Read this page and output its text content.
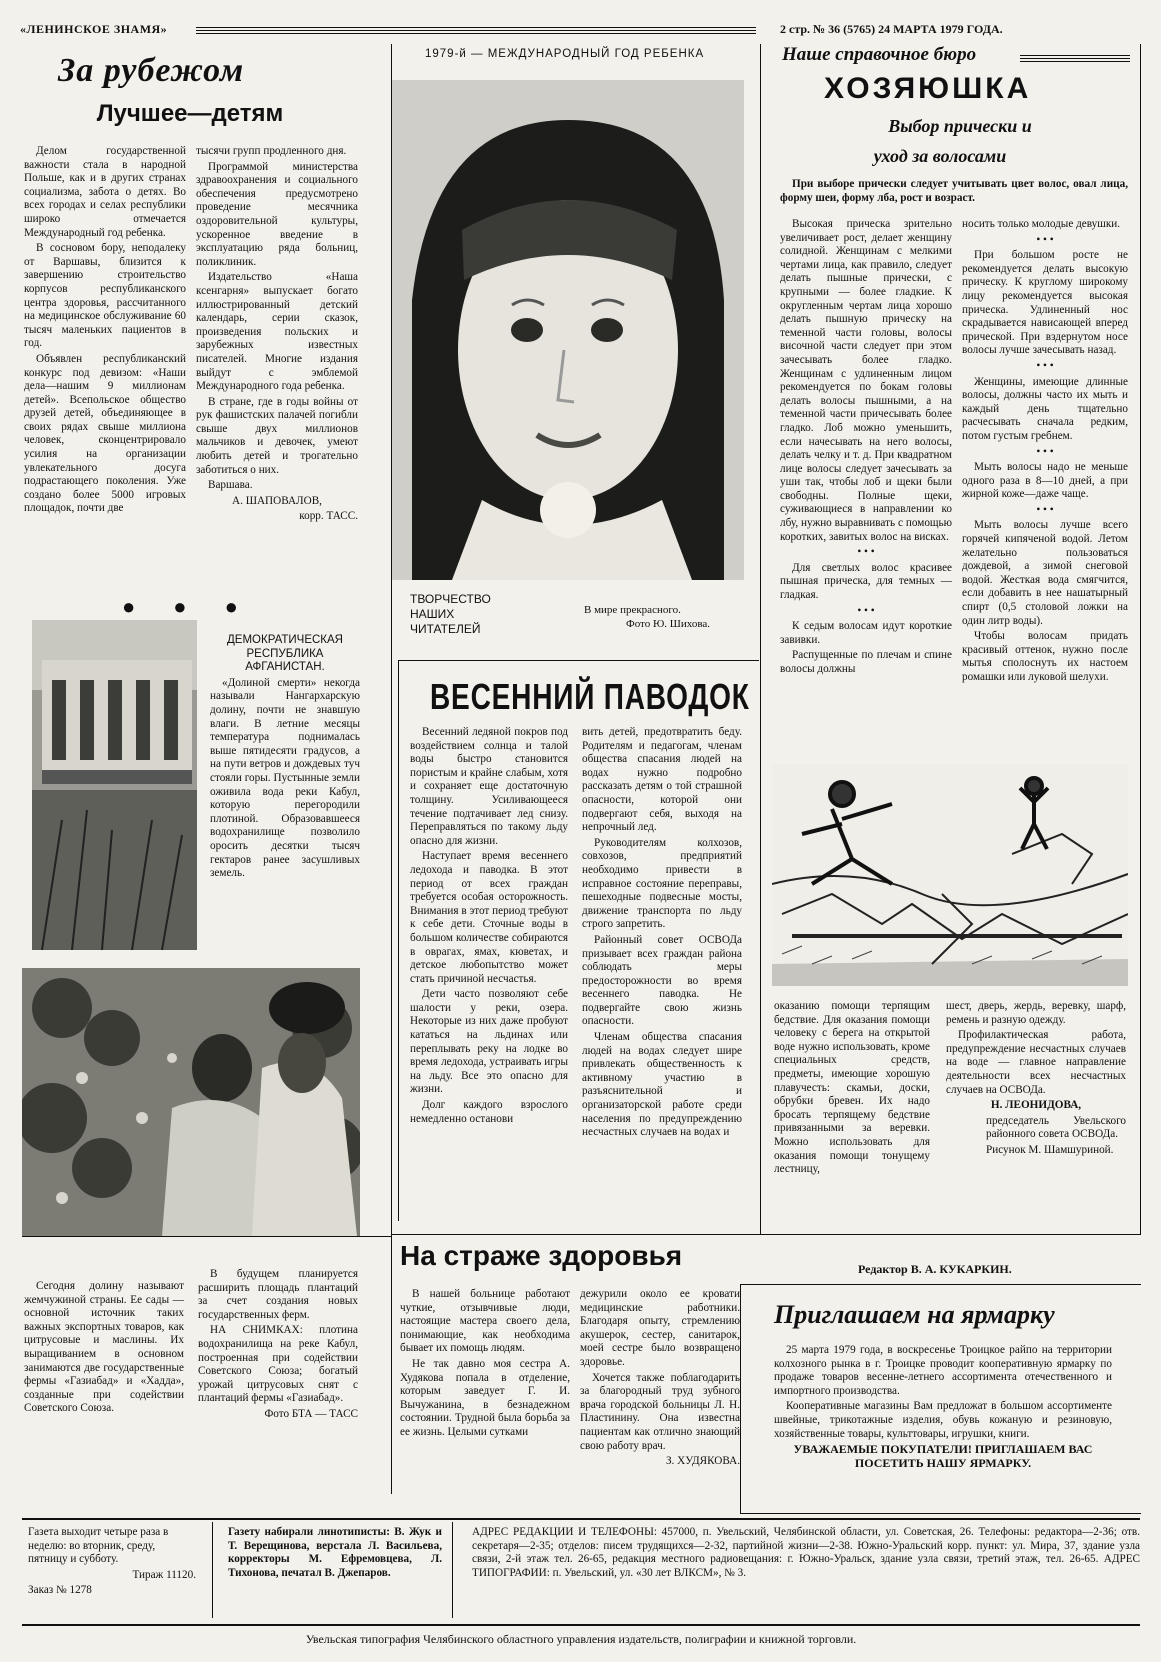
«ЛЕНИНСКОЕ ЗНАМЯ»	2 стр. № 36 (5765) 24 МАРТА 1979 ГОДА.
За рубежом
Лучшее—детям

Делом государственной важности стала в народной Польше, как и в других странах социализма, забота о детях. Во всех городах и селах республики широко отмечается Международный год ребенка.

В сосновом бору, неподалеку от Варшавы, близится к завершению строительство корпусов республиканского центра здоровья, рассчитанного на медицинское обслуживание 60 тысяч маленьких пациентов в год.

Объявлен республиканский конкурс под девизом: «Наши дела—нашим 9 миллионам детей». Всепольское общество друзей детей, объединяющее в своих рядах свыше миллиона человек, сконцентрировало усилия на организации увлекательного досуга подрастающего поколения. Уже создано более 5000 игровых площадок, почти две

тысячи групп продленного дня.

Программой министерства здравоохранения и социального обеспечения предусмотрено проведение месячника оздоровительной культуры, ускоренное введение в эксплуатацию ряда больниц, поликлиник.

Издательство «Наша ксенгарня» выпускает богато иллюстрированный детский календарь, серии сказок, произведения польских и зарубежных известных писателей. Многие издания выйдут с эмблемой Международного года ребенка.

В стране, где в годы войны от рук фашистских палачей погибли свыше двух миллионов мальчиков и девочек, умеют любить детей и трогательно заботиться о них.

Варшава.

А. ШАПОВАЛОВ,

корр. ТАСС.

●●●

ДЕМОКРАТИЧЕСКАЯ РЕСПУБЛИКА АФГАНИСТАН.

«Долиной смерти» некогда называли Нангархарскую долину, почти не знавшую влаги. В летние месяцы температура поднималась выше пятидесяти градусов, а на пути ветров и дождевых туч стояли горы. Пустынные земли оживила вода реки Кабул, которую перегородили плотиной. Образовавшееся водохранилище позволило оросить десятки тысяч гектаров ранее засушливых земель.

Сегодня долину называют жемчужиной страны. Ее сады — основной источник таких важных экспортных товаров, как цитрусовые и маслины. Их выращиванием в основном занимаются две государственные фермы «Газиабад» и «Хадда», созданные при содействии Советского Союза.

В будущем планируется расширить площадь плантаций за счет создания новых государственных ферм.

НА СНИМКАХ: плотина водохранилища на реке Кабул, построенная при содействии Советского Союза; богатый урожай цитрусовых снят с плантаций фермы «Газиабад».

Фото БТА — ТАСС

1979-й — МЕЖДУНАРОДНЫЙ ГОД РЕБЕНКА
ТВОРЧЕСТВО НАШИХ ЧИТАТЕЛЕЙ
В мире прекрасного.
Фото Ю. Шихова.
ВЕСЕННИЙ ПАВОДОК

Весенний ледяной покров под воздействием солнца и талой воды быстро становится пористым и крайне слабым, хотя и сохраняет еще достаточную толщину. Усиливающееся течение подтачивает лед снизу. Переправляться по такому льду опасно для жизни.

Наступает время весеннего ледохода и паводка. В этот период от всех граждан требуется особая осторожность. Внимания в этот период требуют к себе дети. Сточные воды в большом количестве собираются в оврагах, ямах, кюветах, и детское любопытство может стать причиной несчастья.

Дети часто позволяют себе шалости у реки, озера. Некоторые из них даже пробуют кататься на льдинах или переплывать реку на лодке во время ледохода, устраивать игры на льду. Все это опасно для жизни.

Долг каждого взрослого немедленно останови

вить детей, предотвратить беду. Родителям и педагогам, членам общества спасания людей на водах нужно подробно рассказать детям о той страшной опасности, которой они подвергают себя, выходя на непрочный лед.

Руководителям колхозов, совхозов, предприятий необходимо привести в исправное состояние переправы, пешеходные подвесные мосты, движение транспорта по льду строго запретить.

Районный совет ОСВОДа призывает всех граждан района соблюдать меры предосторожности во время весеннего паводка. Не подвергайте свою жизнь опасности.

Членам общества спасания людей на водах следует шире привлекать общественность к активному участию в разъяснительной и организаторской работе среди населения по предупреждению несчастных случаев на водах и

оказанию помощи терпящим бедствие. Для оказания помощи человеку с берега на открытой воде нужно использовать, кроме специальных средств, предметы, имеющие хорошую плавучесть: скамьи, доски, обрубки бревен. Их надо бросать терпящему бедствие привязанными за веревки. Можно использовать для оказания помощи тонущему лестницу,

шест, дверь, жердь, веревку, шарф, ремень и разную одежду.

Профилактическая работа, предупреждение несчастных случаев на воде — главное направление деятельности всех несчастных случаев на ОСВОДа.

Н. ЛЕОНИДОВА,

председатель Увельского районного совета ОСВОДа.

Рисунок М. Шамшуриной.

Наше справочное бюро
ХОЗЯЮШКА
Выбор прически и
уход за волосами

При выборе прически следует учитывать цвет волос, овал лица, форму шеи, форму лба, рост и возраст.

Высокая прическа зрительно увеличивает рост, делает женщину солидной. Женщинам с мелкими чертами лица, как правило, следует делать пышные прически, с крупными — более гладкие. К округленным чертам лица хорошо делать пышную прическу на теменной части головы, волосы височной части следует при этом зачесывать более гладко. Женщинам с удлиненным лицом рекомендуется по бокам головы делать волосы пышными, а на теменной части причесывать более гладко. Лоб можно уменьшить, если начесывать на него волосы, делать челку и т. д. При квадратном лице волосы следует зачесывать за уши так, чтобы лоб и щеки были свободны. Полные щеки, суживающиеся в направлении ко лбу, нужно выравнивать с помощью коротких, завитых волос на висках.

• • •

Для светлых волос красивее пышная прическа, для темных — гладкая.

• • •

К седым волосам идут короткие завивки.

Распущенные по плечам и спине волосы должны

носить только молодые девушки.

• • •

При большом росте не рекомендуется делать высокую прическу. К круглому широкому лицу рекомендуется высокая прическа. Удлиненный нос скрадывается нависающей вперед прической. При вздернутом носе волосы лучше зачесывать назад.

• • •

Женщины, имеющие длинные волосы, должны часто их мыть и каждый день тщательно расчесывать сначала редким, потом густым гребнем.

• • •

Мыть волосы надо не меньше одного раза в 8—10 дней, а при жирной коже—даже чаще.

• • •

Мыть волосы лучше всего горячей кипяченой водой. Летом желательно пользоваться дождевой, а зимой снеговой водой. Жесткая вода смягчится, если добавить в нее нашатырный спирт (0,5 столовой ложки на один литр воды).

Чтобы волосам придать красивый оттенок, нужно после мытья сполоснуть их настоем ромашки или луковой шелухи.

На страже здоровья

В нашей больнице работают чуткие, отзывчивые люди, настоящие мастера своего дела, понимающие, как необходима бывает их помощь людям.

Не так давно моя сестра А. Худякова попала в отделение, которым заведует Г. И. Вычужанина, в безнадежном состоянии. Трудной была борьба за ее жизнь. Целыми сутками

дежурили около ее кровати медицинские работники. Благодаря опыту, стремлению акушерок, сестер, санитарок, моей сестре было возвращено здоровье.

Хочется также поблагодарить за благородный труд зубного врача городской больницы Л. Н. Пластинину. Она известна пациентам как отлично знающий свою работу врач.

З. ХУДЯКОВА.

Редактор В. А. КУКАРКИН.
Приглашаем на ярмарку

25 марта 1979 года, в воскресенье Троицкое райпо на территории колхозного рынка в г. Троицке проводит кооперативную ярмарку по продаже товаров весенне-летнего ассортимента отечественного и импортного производства.

Кооперативные магазины Вам предложат в большом ассортименте швейные, трикотажные изделия, обувь кожаную и резиновую, хозяйственные товары, культтовары, игрушки, книги.

УВАЖАЕМЫЕ ПОКУПАТЕЛИ! ПРИГЛАШАЕМ ВАС ПОСЕТИТЬ НАШУ ЯРМАРКУ.

Газета выходит четыре раза в неделю: во вторник, среду, пятницу и субботу.

Тираж 11120.

Заказ № 1278

Газету набирали линотиписты: В. Жук и Т. Верещинова, верстала Л. Васильева, корректоры М. Ефремовцева, Л. Тихонова, печатал В. Джепаров.

АДРЕС РЕДАКЦИИ И ТЕЛЕФОНЫ: 457000, п. Увельский, Челябинской области, ул. Советская, 26. Телефоны: редактора—2-36; отв. секретаря—2-35; отделов: писем трудящихся—2-32, партийной жизни—2-38. Южно-Уральский корр. пункт: ул. Мира, 37, здание узла связи, 2-й этаж тел. 26-65, редакция местного радиовещания: г. Южно-Уральск, здание узла связи, третий этаж, тел. 26-65. АДРЕС ТИПОГРАФИИ: п. Увельский, ул. «30 лет ВЛКСМ», № 3.

Увельская типография Челябинского областного управления издательств, полиграфии и книжной торговли.
